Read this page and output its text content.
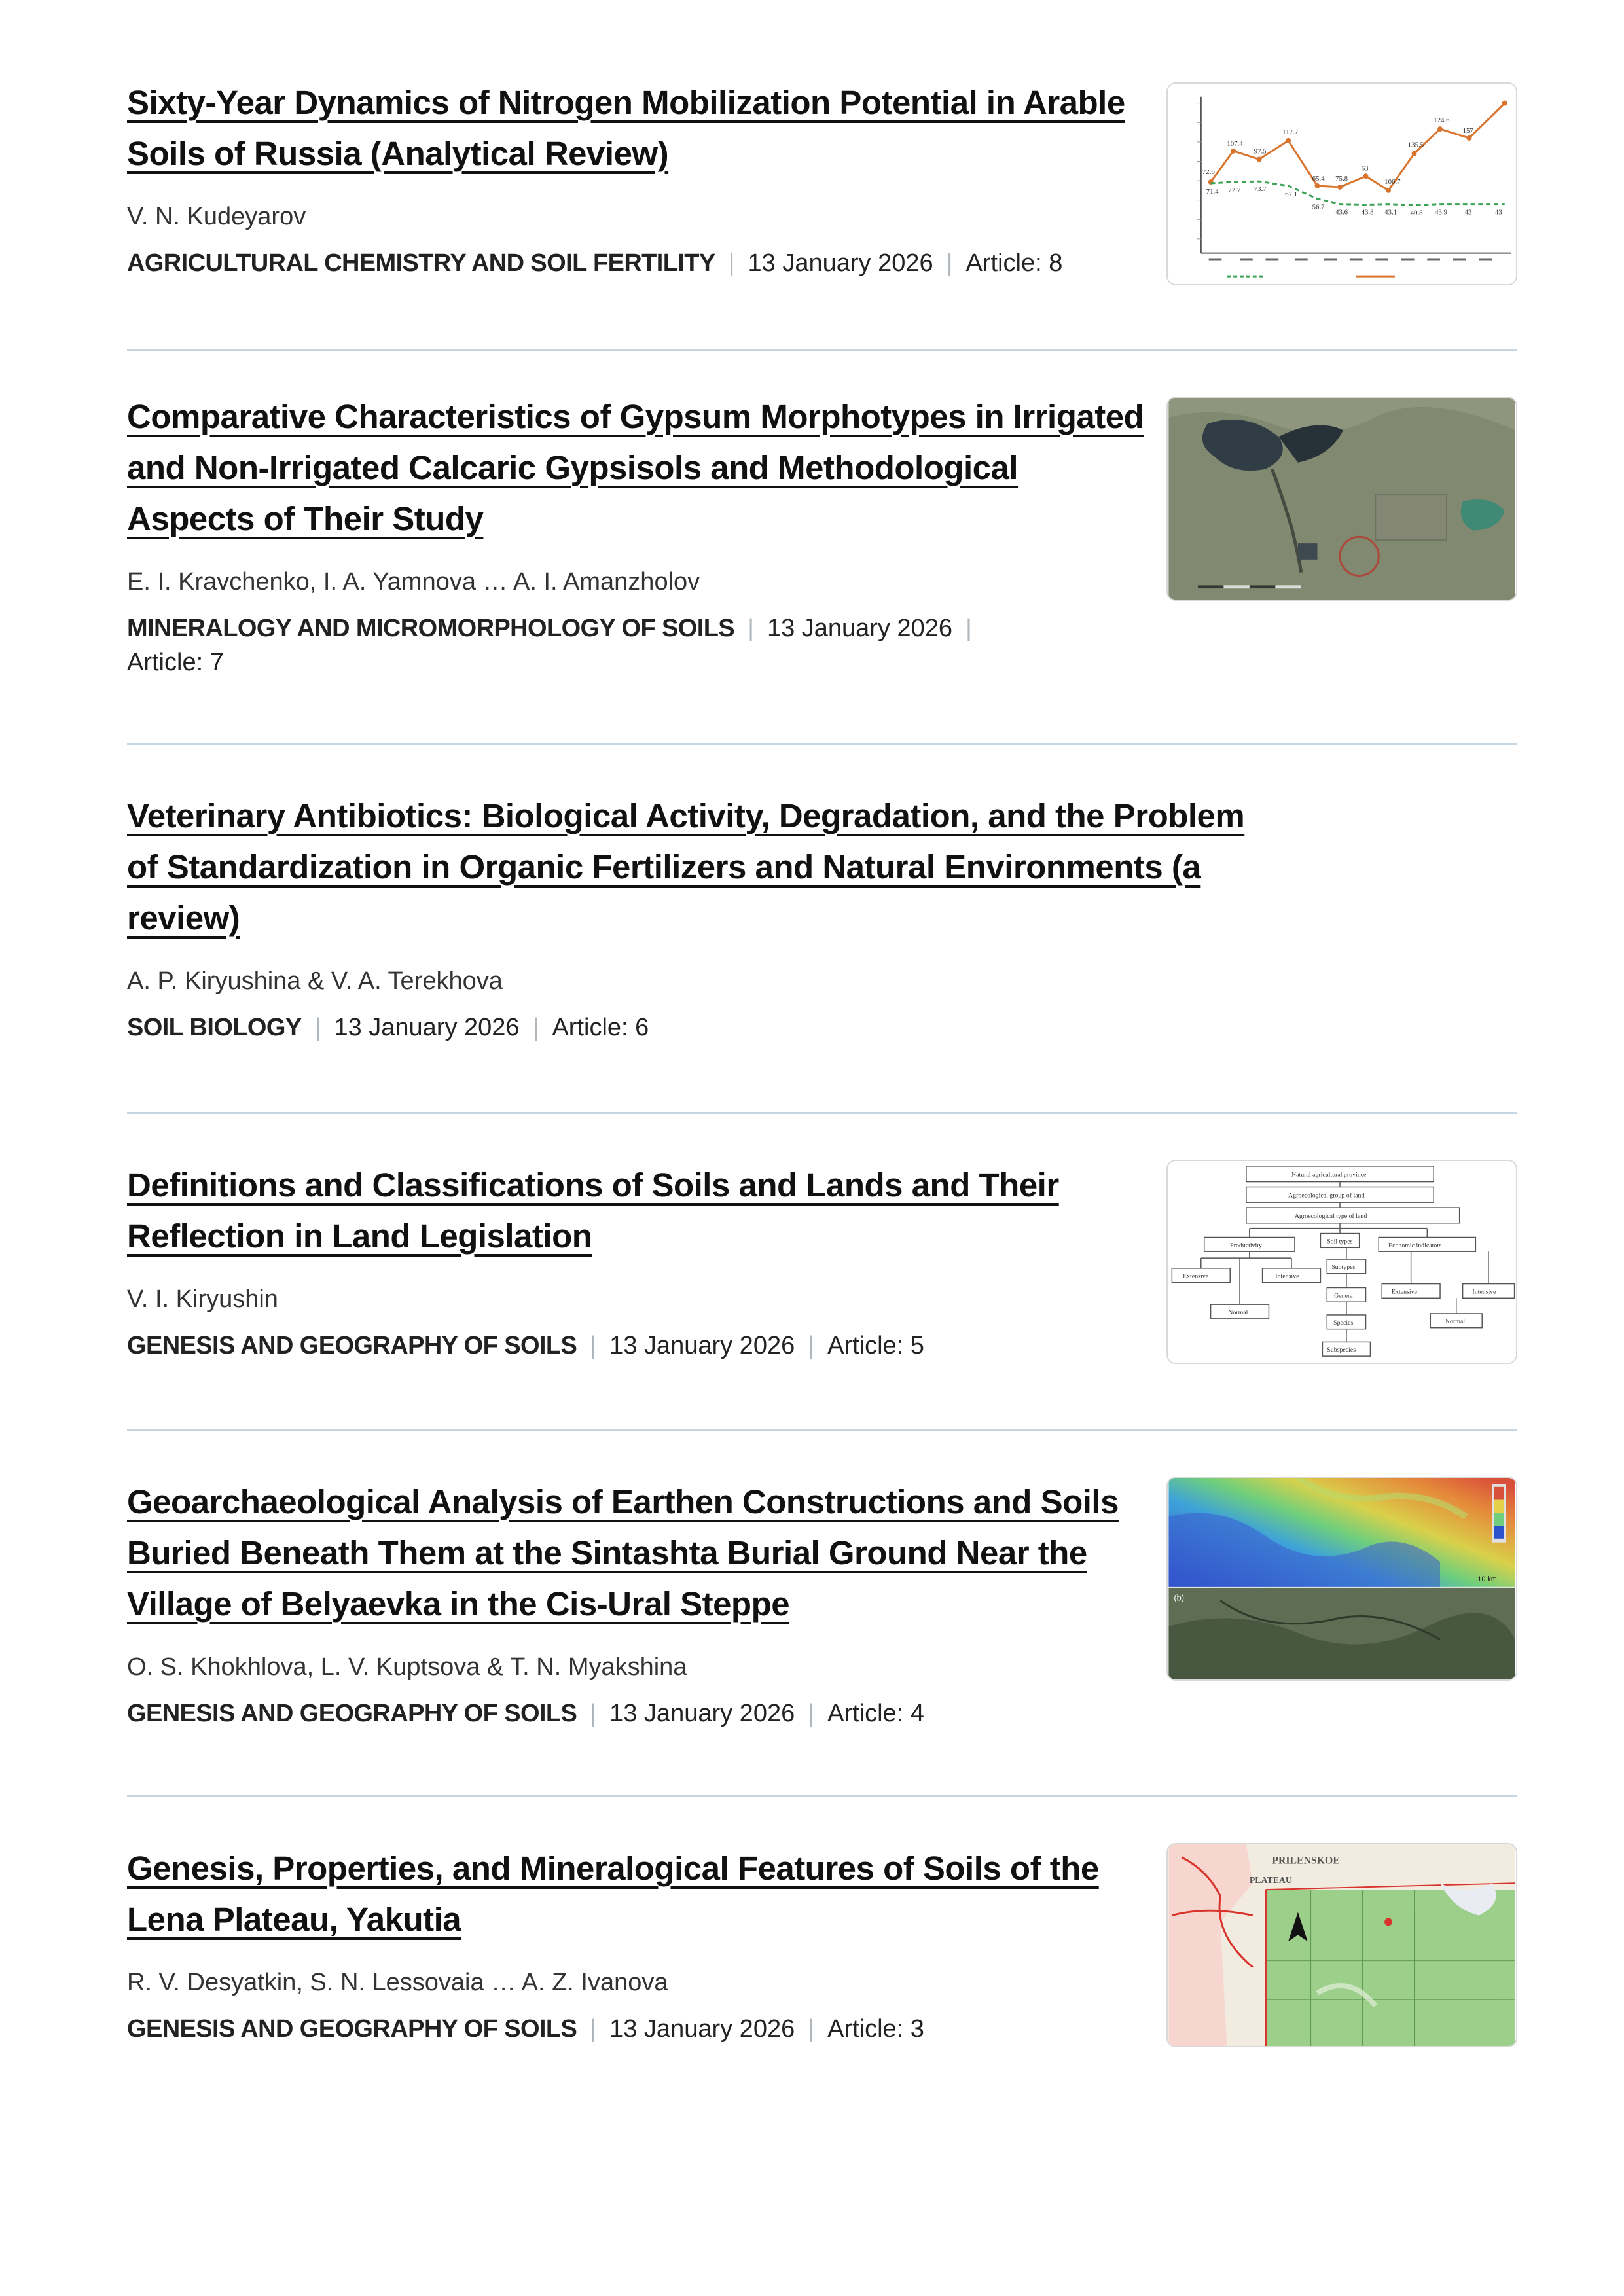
Sixty-Year Dynamics of Nitrogen Mobilization Potential in Arable Soils of Russia (Analytical Review)
V. N. Kudeyarov
AGRICULTURAL CHEMISTRY AND SOIL FERTILITY | 13 January 2026 | Article: 8
72.6
107.4
97.5
117.7
65.4 75.8
63
106.7
135.5
124.6
157
71.4 72.7 73.7
67.1
56.7
43.6 43.8 43.1 40.8 43.9 43	43
Comparative Characteristics of Gypsum Morphotypes in Irrigated and Non-Irrigated Calcaric Gypsisols and Methodological Aspects of Their Study
E. I. Kravchenko, I. A. Yamnova … A. I. Amanzholov
MINERALOGY AND MICROMORPHOLOGY OF SOILS | 13 January 2026 |
Article: 7
Veterinary Antibiotics: Biological Activity, Degradation, and the Problem of Standardization in Organic Fertilizers and Natural Environments (a review)
A. P. Kiryushina & V. A. Terekhova
SOIL BIOLOGY | 13 January 2026 | Article: 6
Definitions and Classifications of Soils and Lands and Their Reflection in Land Legislation
V. I. Kiryushin
GENESIS AND GEOGRAPHY OF SOILS | 13 January 2026 | Article: 5
Natural agricultural province
Agroecological group of land
Agroecological type of land
Productivity
Soil types
Economic indicators
Extensive	Intensive
Subtypes
Genera
Normal
Extensive	Intensive
Species	Normal
Subspecies
Geoarchaeological Analysis of Earthen Constructions and Soils Buried Beneath Them at the Sintashta Burial Ground Near the Village of Belyaevka in the Cis-Ural Steppe
O. S. Khokhlova, L. V. Kuptsova & T. N. Myakshina
GENESIS AND GEOGRAPHY OF SOILS | 13 January 2026 | Article: 4
10 km
(b)
Genesis, Properties, and Mineralogical Features of Soils of the Lena Plateau, Yakutia
R. V. Desyatkin, S. N. Lessovaia … A. Z. Ivanova
GENESIS AND GEOGRAPHY OF SOILS | 13 January 2026 | Article: 3
PRILENSKOE
PLATEAU
